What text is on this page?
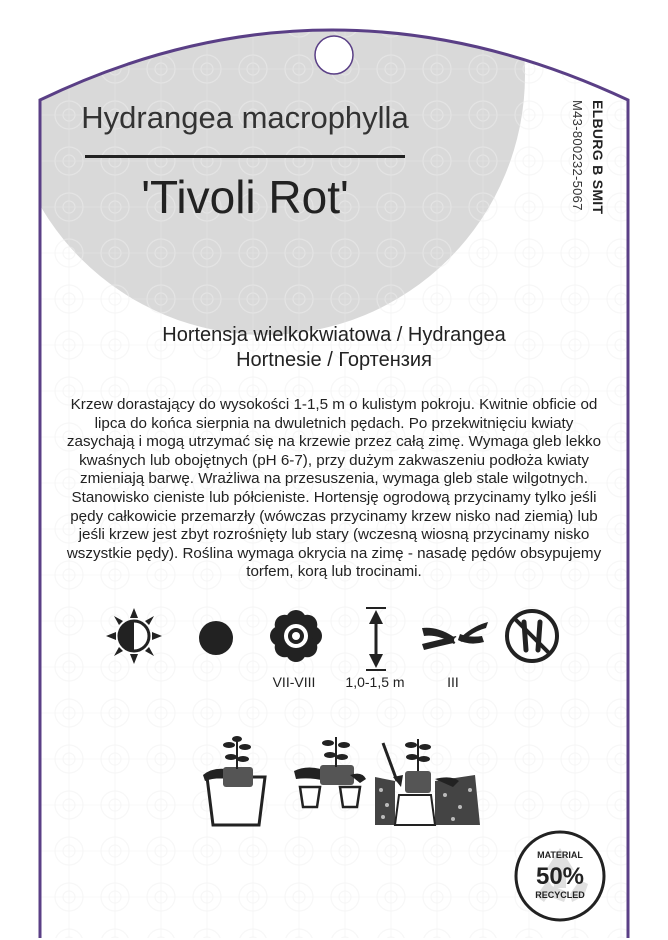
Hydrangea macrophylla
'Tivoli Rot'	ELBURG B SMIT
M43-800232-5067
Hortensja wielkokwiatowa / Hydrangea
Hortnesie / Гортензия
Krzew dorastający do wysokości 1-1,5 m o kulistym pokroju. Kwitnie obficie od lipca do końca sierpnia na dwuletnich pędach. Po przekwitnięciu kwiaty zasychają i mogą utrzymać się na krzewie przez całą zimę. Wymaga gleb lekko kwaśnych lub obojętnych (pH 6-7), przy dużym zakwaszeniu podłoża kwiaty zmieniają barwę. Wrażliwa na przesuszenia, wymaga gleb stale wilgotnych. Stanowisko cieniste lub półcieniste. Hortensję ogrodową przycinamy tylko jeśli pędy całkowicie przemarzły (wówczas przycinamy krzew nisko nad ziemią) lub jeśli krzew jest zbyt rozrośnięty lub stary (wczesną wiosną przycinamy nisko wszystkie pędy). Roślina wymaga okrycia na zimę - nasadę pędów obsypujemy torfem, korą lub trocinami.
VII-VIII	1,0-1,5 m	III
MATERIAL
50%
RECYCLED
